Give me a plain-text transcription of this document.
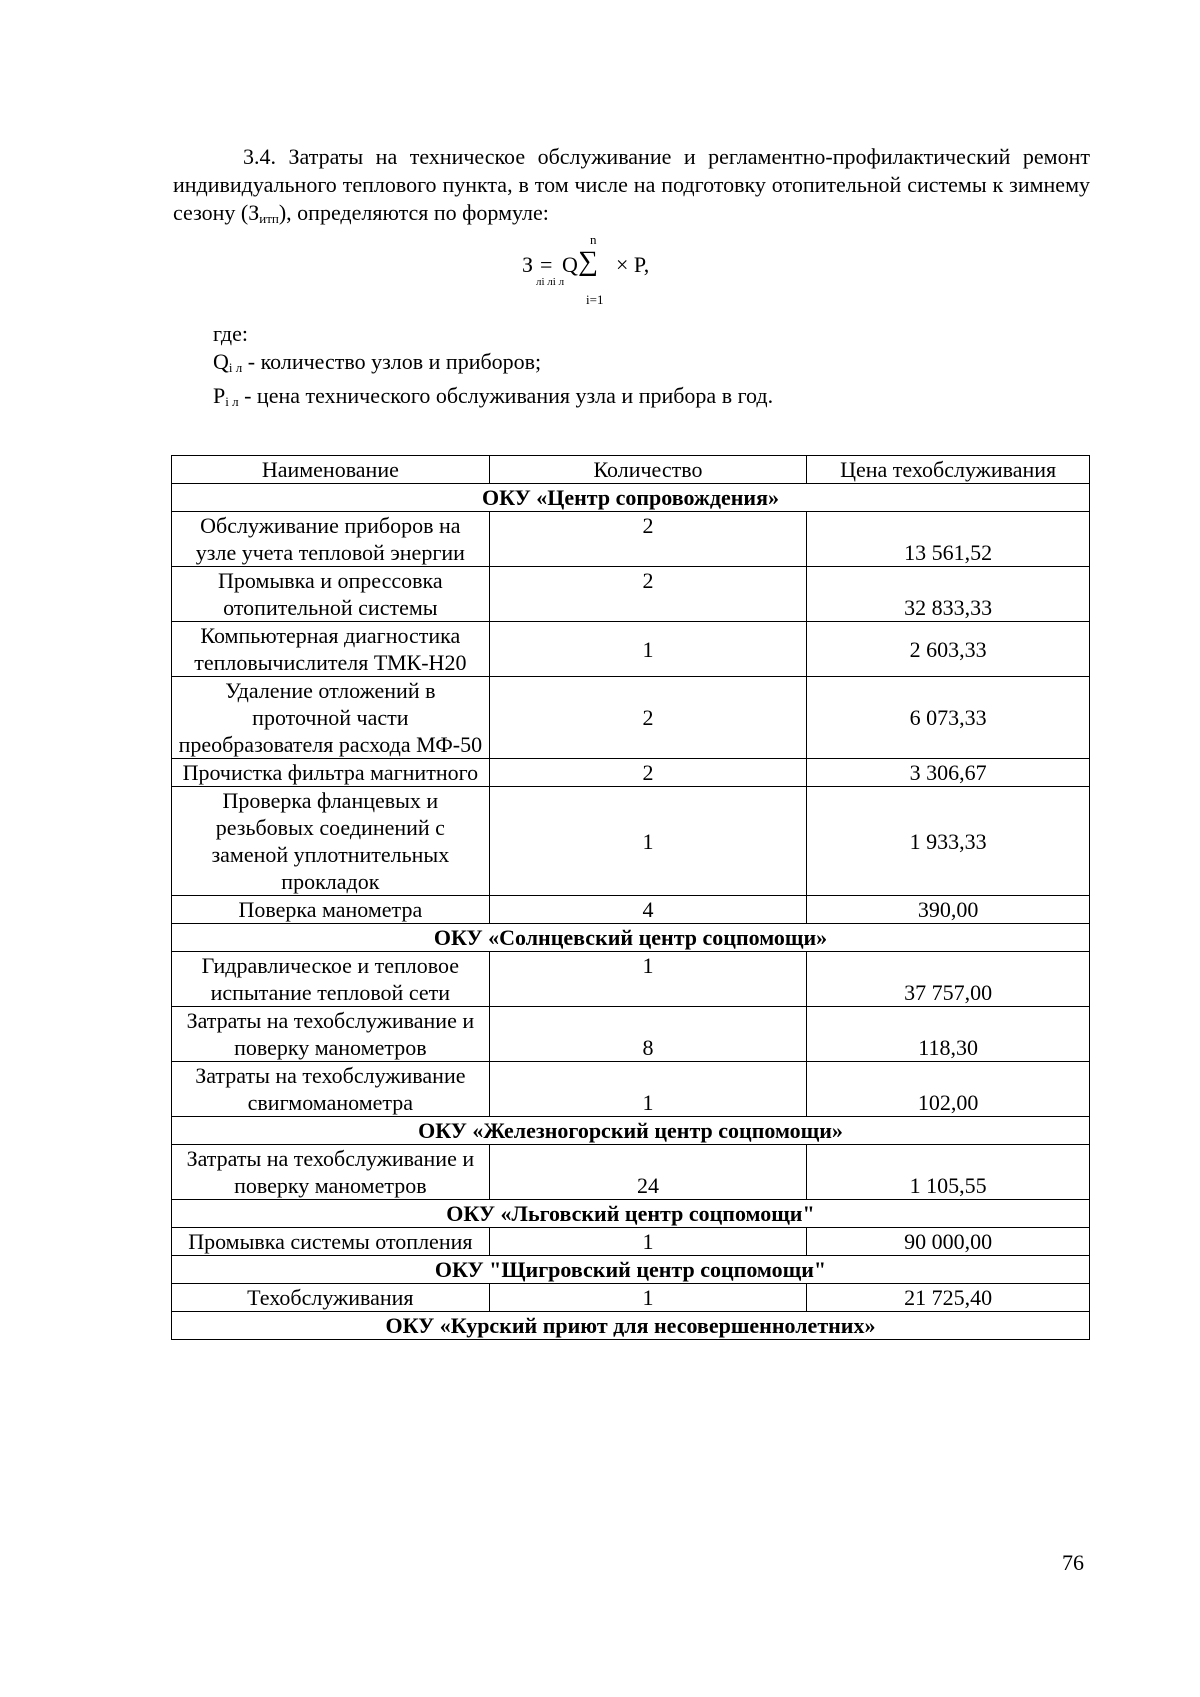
3.4. Затраты на техническое обслуживание и регламентно-профилактический ремонт индивидуального теплового пункта, в том числе на подготовку отопительной системы к зимнему сезону $(З_{итп})$, определяются по формуле:

n
З = Q ∑ × P,
лi лi л
i=1
где:
$Q_{i л}$ - количество узлов и приборов;
$P_{i л}$ - цена технического обслуживания узла и прибора в год.
Наименование	Количество	Цена техобслуживания
ОКУ «Центр сопровождения»		
Обслуживание приборов на узле учета тепловой энергии	2	13 561,52
Промывка и опрессовка отопительной системы	2	32 833,33
Компьютерная диагностика тепловычислителя ТМК-Н20	1	2 603,33
Удаление отложений в проточной части преобразователя расхода МФ-50	2	6 073,33
Прочистка фильтра магнитного	2	3 306,67
Проверка фланцевых и резьбовых соединений с заменой уплотнительных прокладок	1	1 933,33
Поверка манометра	4	390,00
ОКУ «Солнцевский центр соцпомощи»		
Гидравлическое и тепловое испытание тепловой сети	1	37 757,00
Затраты на техобслуживание и поверку манометров	8	118,30
Затраты на техобслуживание свигмоманометра	1	102,00
ОКУ «Железногорский центр соцпомощи»		
Затраты на техобслуживание и поверку манометров	24	1 105,55
ОКУ «Льговский центр соцпомощи"		
Промывка системы отопления	1	90 000,00
ОКУ "Щигровский центр соцпомощи"		
Техобслуживания	1	21 725,40
ОКУ «Курский приют для несовершеннолетних»		
76
